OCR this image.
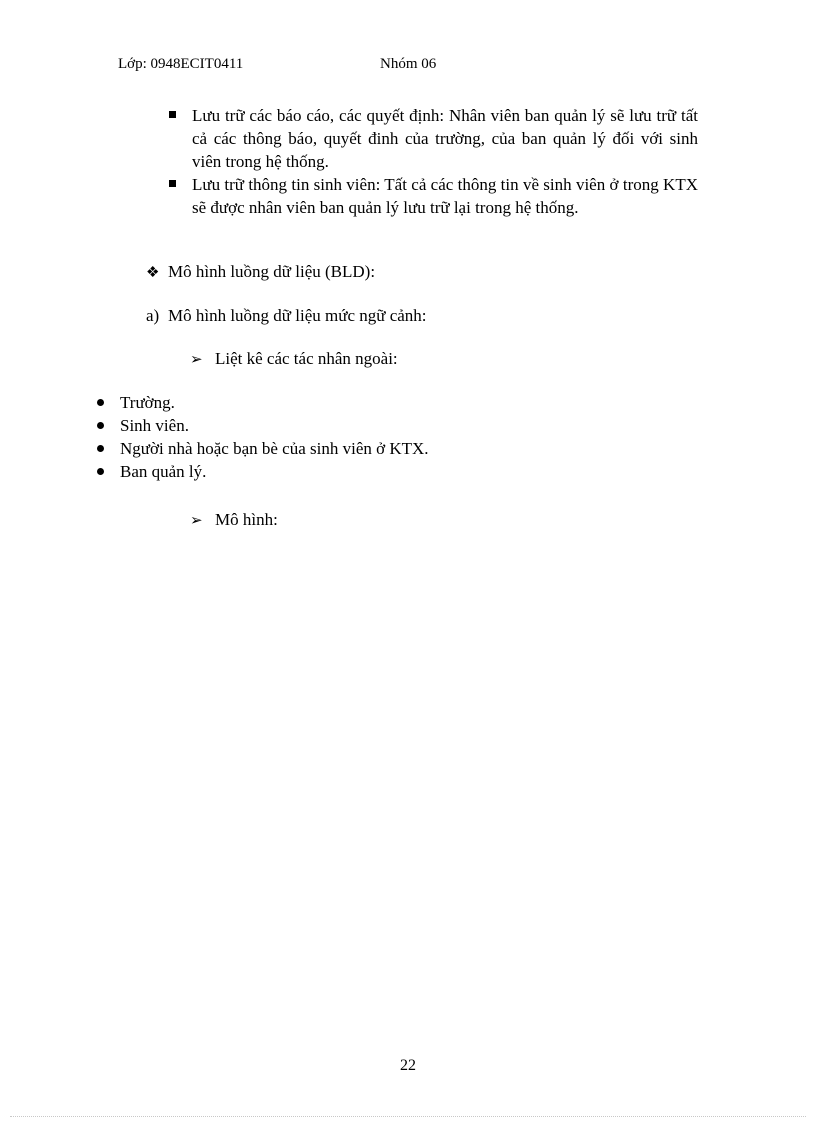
Lớp: 0948ECIT0411	Nhóm 06
Lưu trữ các báo cáo, các quyết định: Nhân viên ban quản lý sẽ lưu trữ tất cả các thông báo, quyết đinh của trường, của ban quản lý đối với sinh viên trong hệ thống.
Lưu trữ thông tin sinh viên: Tất cả các thông tin về sinh viên ở trong KTX sẽ được nhân viên ban quản lý lưu trữ lại trong hệ thống.
❖ Mô hình luồng dữ liệu (BLD):
a) Mô hình luồng dữ liệu mức ngữ cảnh:
➢ Liệt kê các tác nhân ngoài:
Trường.
Sinh viên.
Người nhà hoặc bạn bè của sinh viên ở KTX.
Ban quản lý.
➢ Mô hình:
22
